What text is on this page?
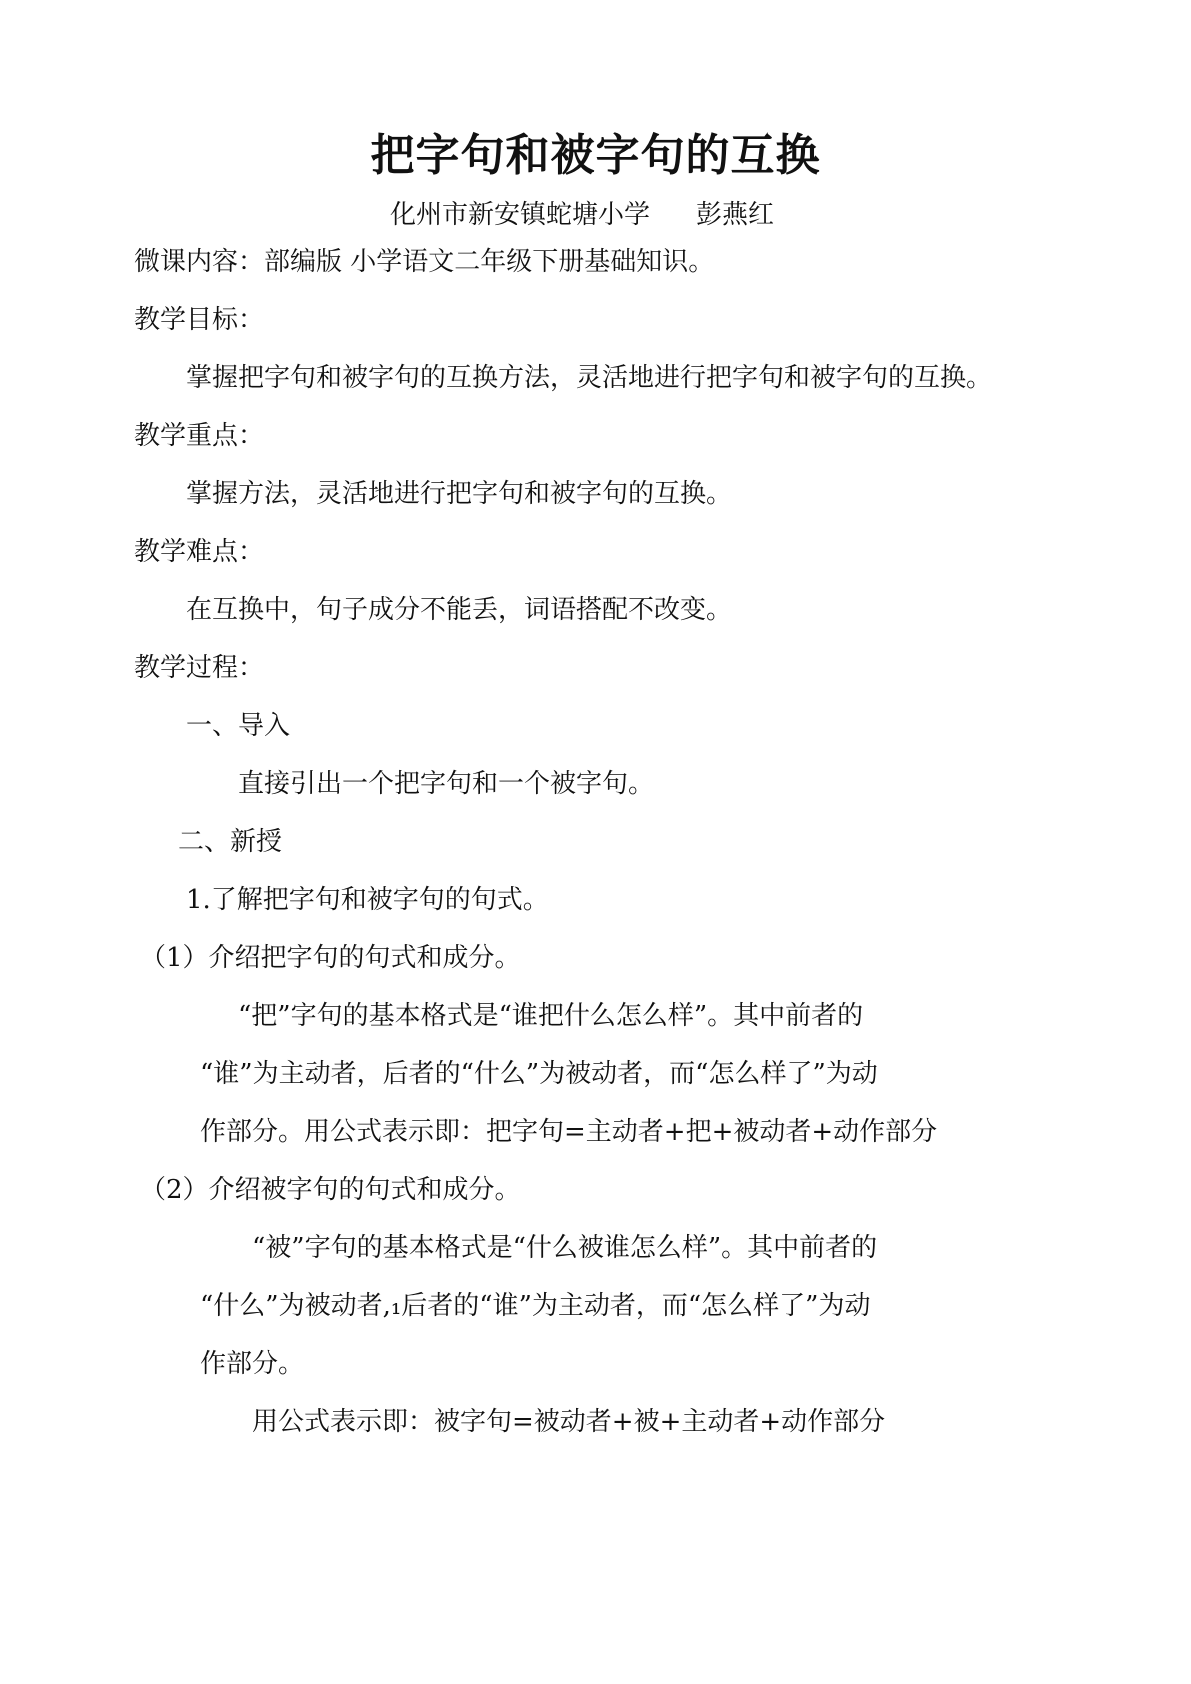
把字句和被字句的互换
化州市新安镇蛇塘小学 彭燕红
微课内容：部编版 小学语文二年级下册基础知识。
教学目标：
掌握把字句和被字句的互换方法，灵活地进行把字句和被字句的互换。
教学重点：
掌握方法，灵活地进行把字句和被字句的互换。
教学难点：
在互换中，句子成分不能丢，词语搭配不改变。
教学过程：
一、导入
直接引出一个把字句和一个被字句。
二、新授
1.了解把字句和被字句的句式。
（1）介绍把字句的句式和成分。
“把”字句的基本格式是“谁把什么怎么样”。其中前者的
“谁”为主动者，后者的“什么”为被动者，而“怎么样了”为动
作部分。用公式表示即：把字句=主动者+把+被动者+动作部分
（2）介绍被字句的句式和成分。
“被”字句的基本格式是“什么被谁怎么样”。其中前者的
“什么”为被动者,₁后者的“谁”为主动者，而“怎么样了”为动
作部分。
用公式表示即：被字句=被动者+被+主动者+动作部分
